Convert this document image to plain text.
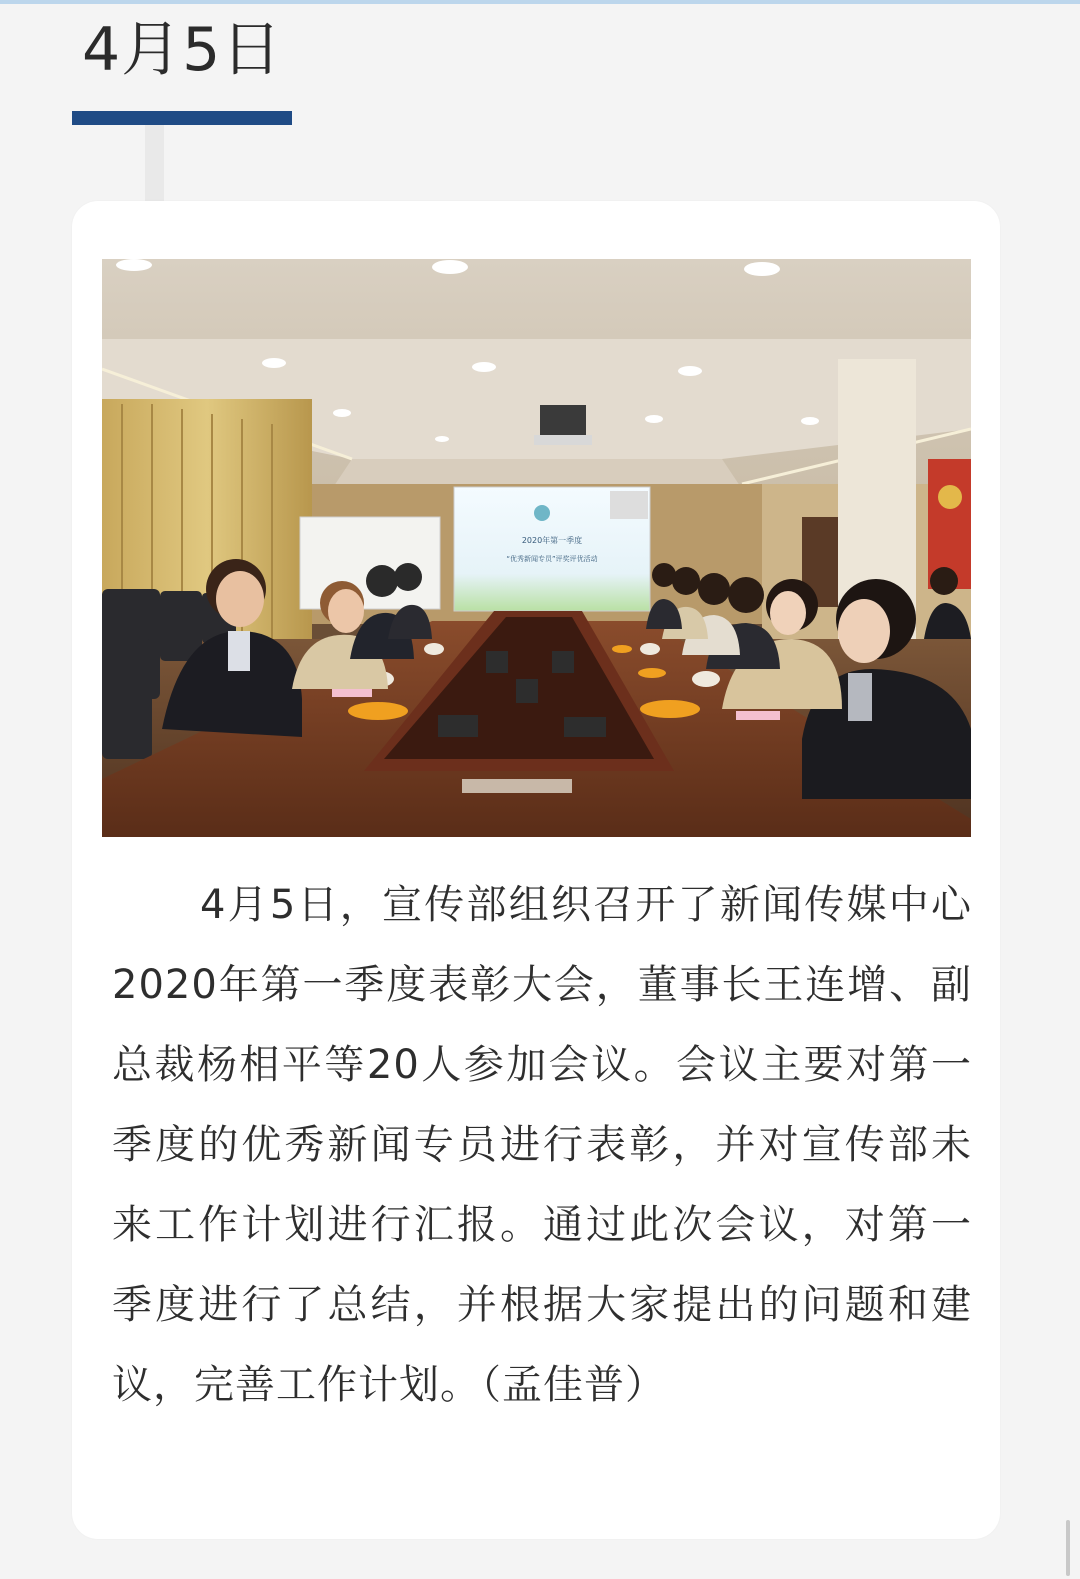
4月5日
2020年第一季度
“优秀新闻专员”评奖评优活动

4月5日，宣传部组织召开了新闻传媒中心2020年第一季度表彰大会，董事长王连增、副总裁杨相平等20人参加会议。会议主要对第一季度的优秀新闻专员进行表彰，并对宣传部未来工作计划进行汇报。通过此次会议，对第一季度进行了总结，并根据大家提出的问题和建议，完善工作计划。（孟佳普）
